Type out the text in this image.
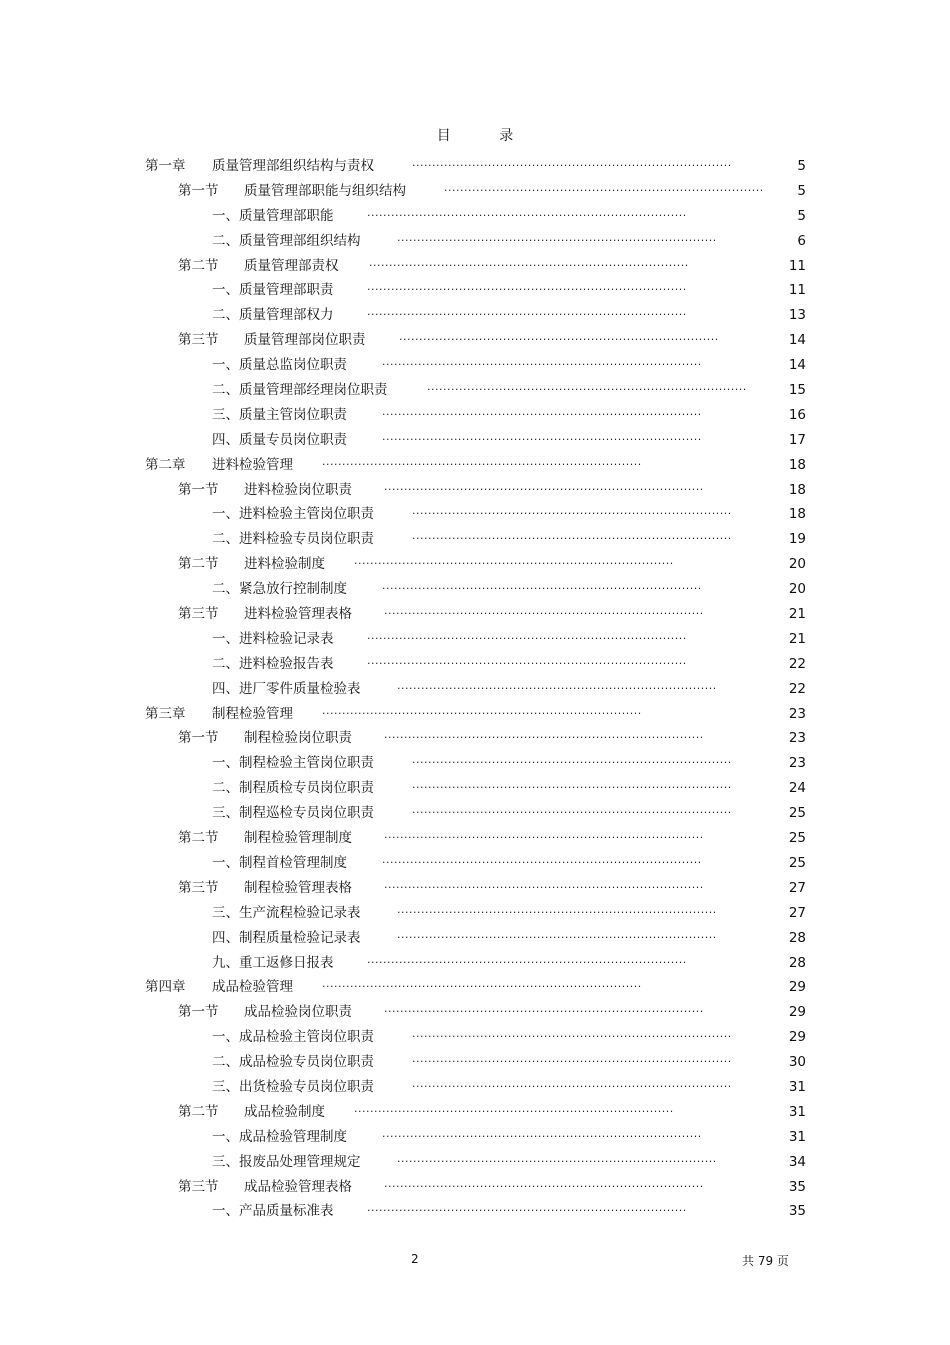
目 录
第一章 质量管理部组织结构与责权	................................................................................	5
第一节 质量管理部职能与组织结构	................................................................................ 5
一、质量管理部职能	................................................................................	5
二、质量管理部组织结构	................................................................................	6
第二节 质量管理部责权	................................................................................	11
一、质量管理部职责	................................................................................	11
二、质量管理部权力	................................................................................	13
第三节 质量管理部岗位职责	................................................................................	14
一、质量总监岗位职责	................................................................................	14
二、质量管理部经理岗位职责	................................................................................	15
三、质量主管岗位职责	................................................................................	16
四、质量专员岗位职责	................................................................................	17
第二章 进料检验管理	................................................................................	18
第一节 进料检验岗位职责	................................................................................	18
一、进料检验主管岗位职责	................................................................................	18
二、进料检验专员岗位职责	................................................................................	19
第二节 进料检验制度	................................................................................	20
二、紧急放行控制制度	................................................................................	20
第三节 进料检验管理表格	................................................................................	21
一、进料检验记录表	................................................................................	21
二、进料检验报告表	................................................................................	22
四、进厂零件质量检验表	................................................................................	22
第三章 制程检验管理	................................................................................	23
第一节 制程检验岗位职责	................................................................................	23
一、制程检验主管岗位职责	................................................................................	23
二、制程质检专员岗位职责	................................................................................	24
三、制程巡检专员岗位职责	................................................................................	25
第二节 制程检验管理制度	................................................................................	25
一、制程首检管理制度	................................................................................	25
第三节 制程检验管理表格	................................................................................	27
三、生产流程检验记录表	................................................................................	27
四、制程质量检验记录表	................................................................................	28
九、重工返修日报表	................................................................................	28
第四章 成品检验管理	................................................................................	29
第一节 成品检验岗位职责	................................................................................	29
一、成品检验主管岗位职责	................................................................................	29
二、成品检验专员岗位职责	................................................................................	30
三、出货检验专员岗位职责	................................................................................	31
第二节 成品检验制度	................................................................................	31
一、成品检验管理制度	................................................................................	31
三、报废品处理管理规定	................................................................................	34
第三节 成品检验管理表格	................................................................................	35
一、产品质量标准表	................................................................................	35
2	共 79 页
